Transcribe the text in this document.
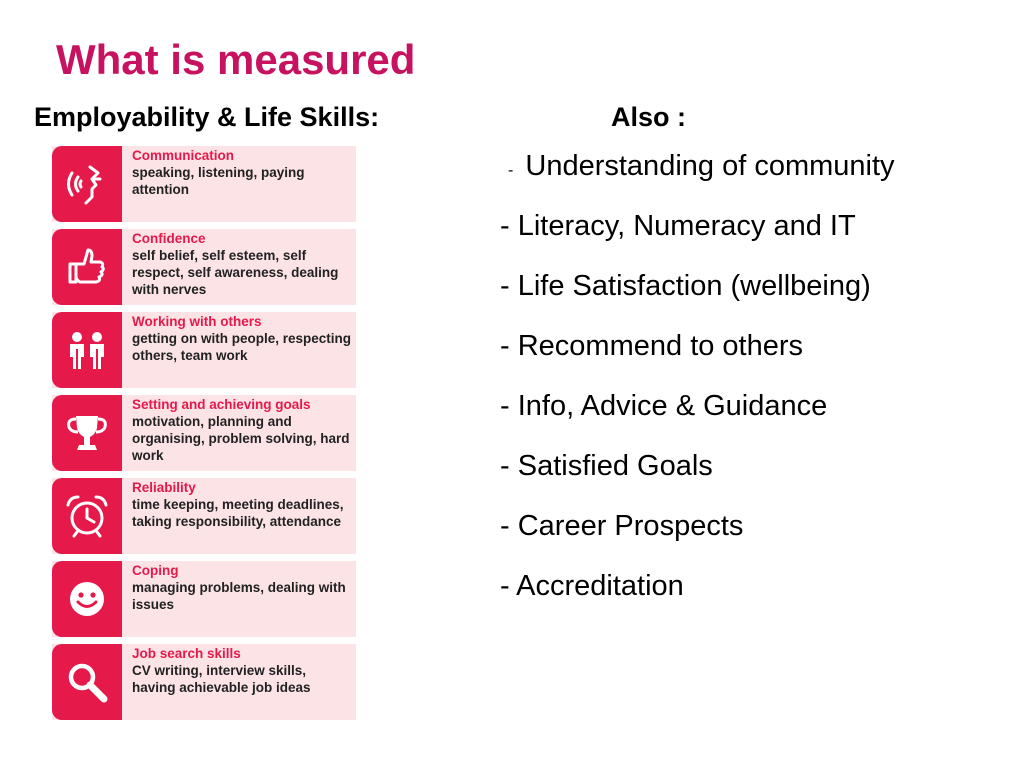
What is measured
Employability & Life Skills:	Also :
Communication
speaking, listening, paying attention
Confidence
self belief, self esteem, self respect, self awareness, dealing with nerves
Working with others
getting on with people, respecting others, team work
Setting and achieving goals
motivation, planning and organising, problem solving, hard work
Reliability
time keeping, meeting deadlines, taking responsibility, attendance
Coping
managing problems, dealing with issues
Job search skills
CV writing, interview skills, having achievable job ideas
- Understanding of community
- Literacy, Numeracy and IT
- Life Satisfaction (wellbeing)
- Recommend to others
- Info, Advice & Guidance
- Satisfied Goals
- Career Prospects
- Accreditation
